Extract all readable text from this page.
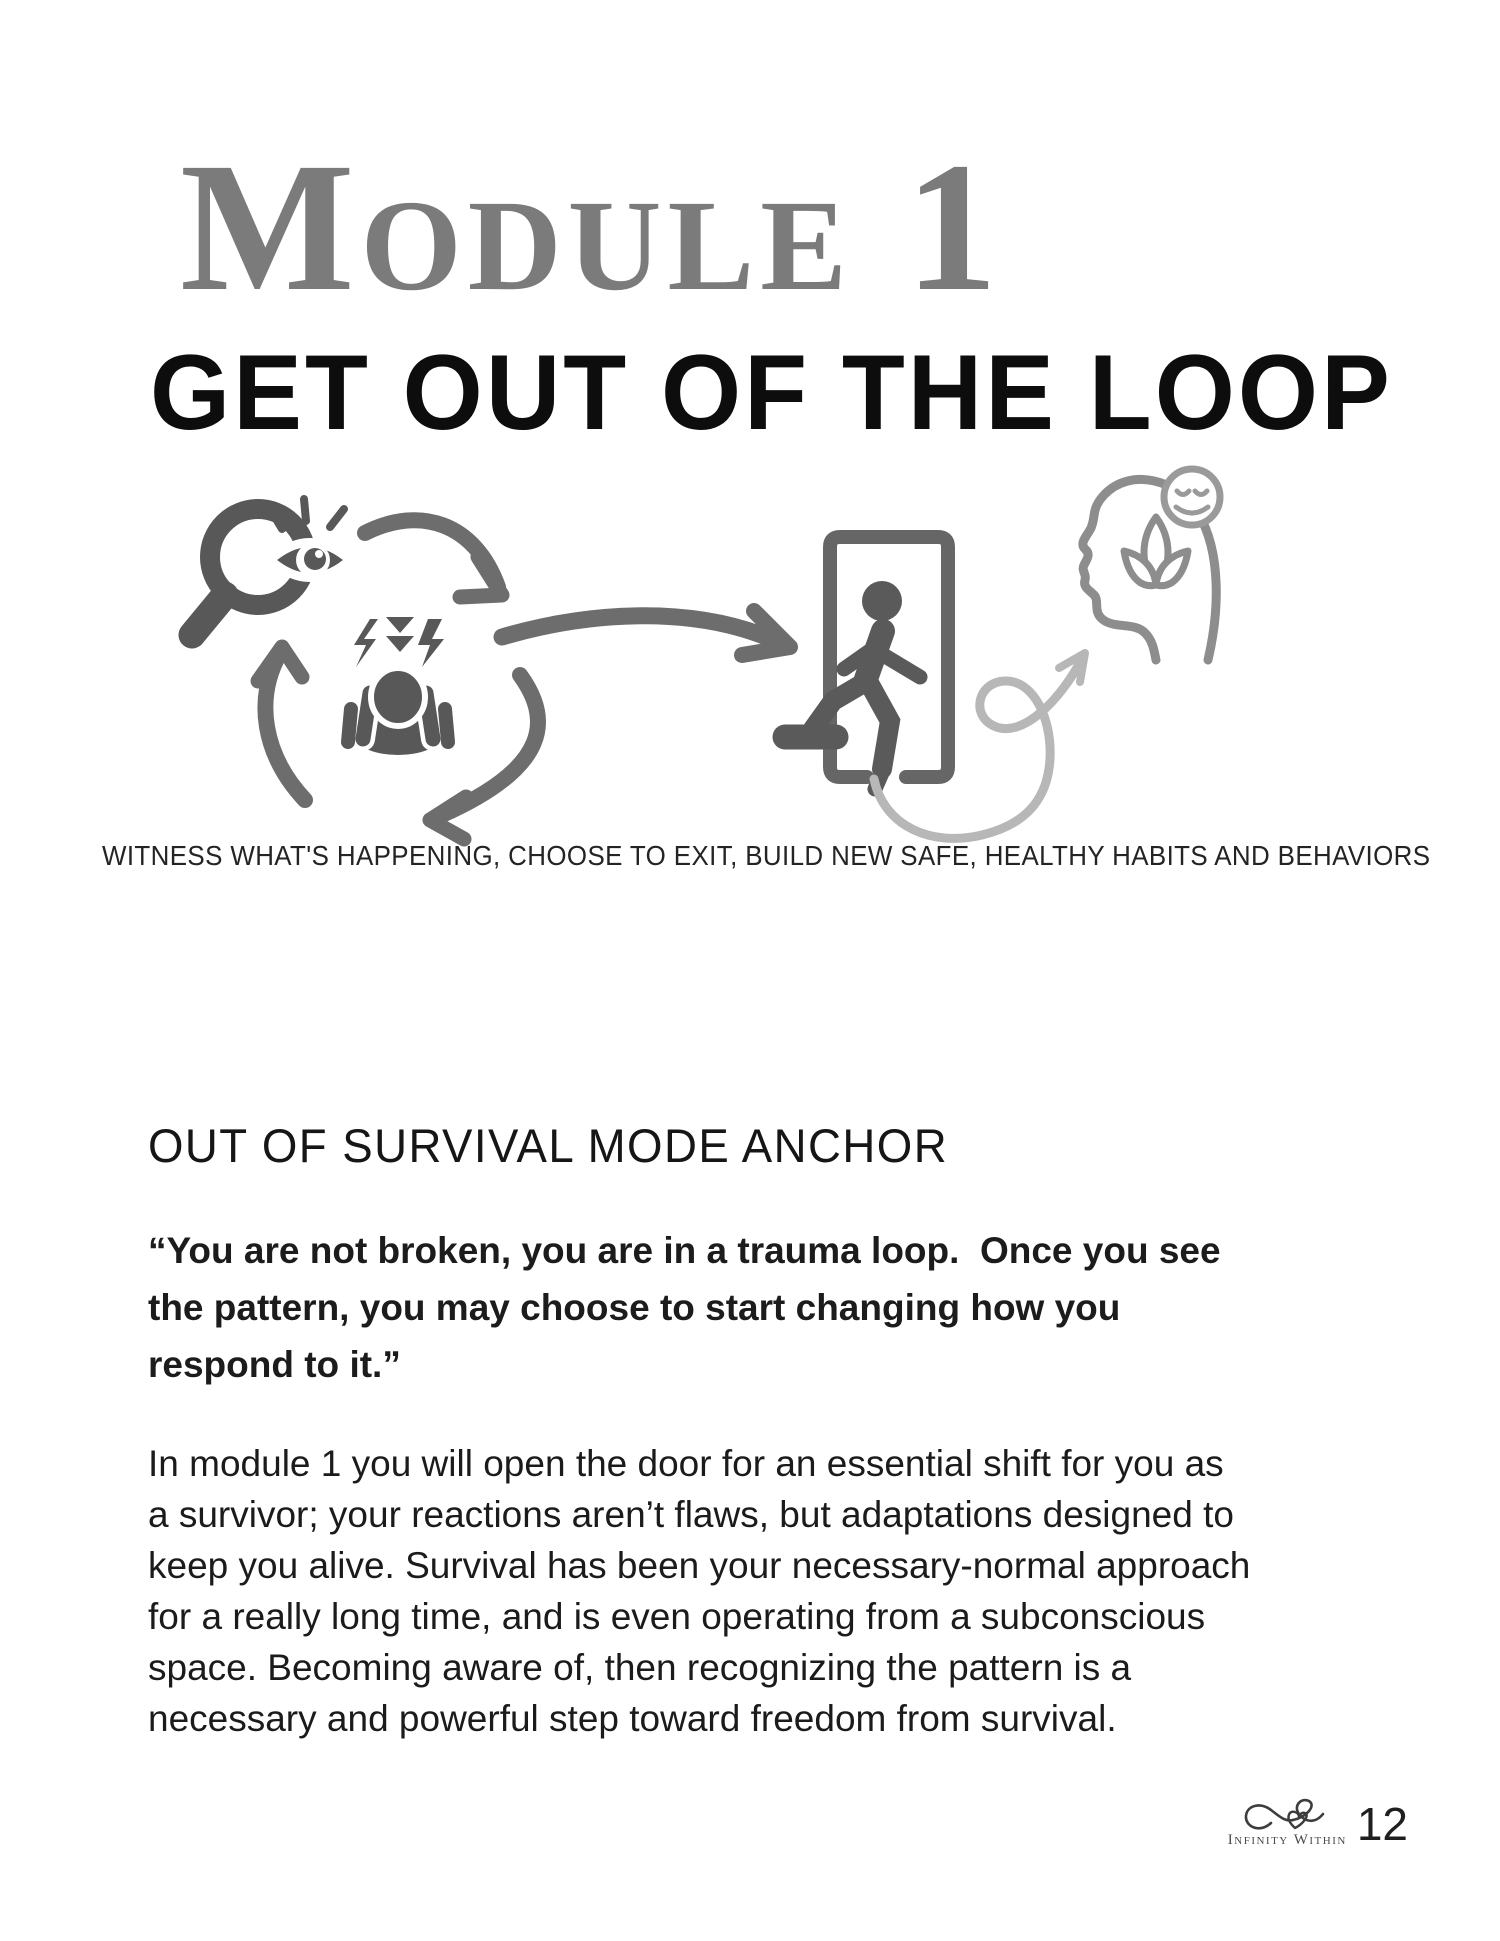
Module 1
GET OUT OF THE LOOP
WITNESS WHAT'S HAPPENING, CHOOSE TO EXIT, BUILD NEW SAFE, HEALTHY HABITS AND BEHAVIORS
OUT OF SURVIVAL MODE ANCHOR
“You are not broken, you are in a trauma loop.  Once you see
the pattern, you may choose to start changing how you
respond to it.”
In module 1 you will open the door for an essential shift for you as
a survivor; your reactions aren’t flaws, but adaptations designed to
keep you alive. Survival has been your necessary-normal approach
for a really long time, and is even operating from a subconscious
space. Becoming aware of, then recognizing the pattern is a
necessary and powerful step toward freedom from survival.
Infinity Within 12
